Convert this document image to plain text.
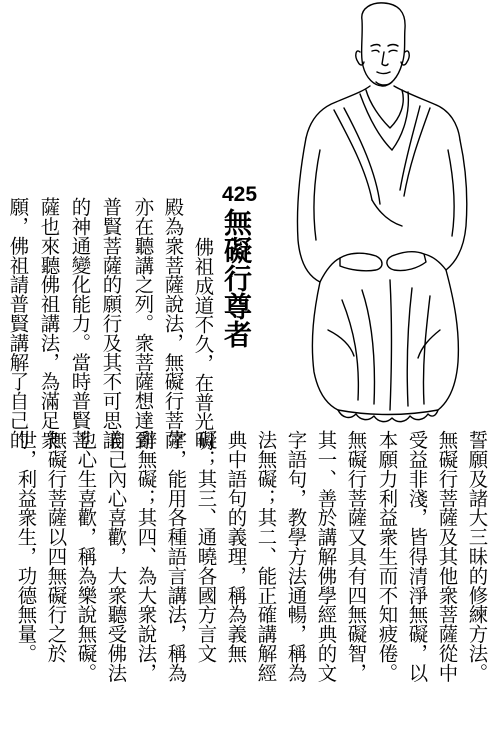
425
無礙行尊者
佛祖成道不久，在普光明
殿為衆菩薩說法，無礙行菩薩
亦在聽講之列。衆菩薩想達到
普賢菩薩的願行及其不可思議
的神通變化能力。當時普賢菩
薩也來聽佛祖講法，為滿足衆
願，佛祖請普賢講解了自己的
誓願及諸大三昧的修練方法。
無礙行菩薩及其他衆菩薩從中
受益非淺，皆得清淨無礙，以
本願力利益衆生而不知疲倦。
無礙行菩薩又具有四無礙智，
其一、善於講解佛學經典的文
字語句，教學方法通暢，稱為
法無礙；其二、能正確講解經
典中語句的義理，稱為義無
礙；其三、通曉各國方言文
字，能用各種語言講法，稱為
辭無礙；其四、為大衆說法，
自己內心喜歡，大衆聽受佛法
也心生喜歡，稱為樂說無礙。
無礙行菩薩以四無礙行之於
世，利益衆生，功德無量。
